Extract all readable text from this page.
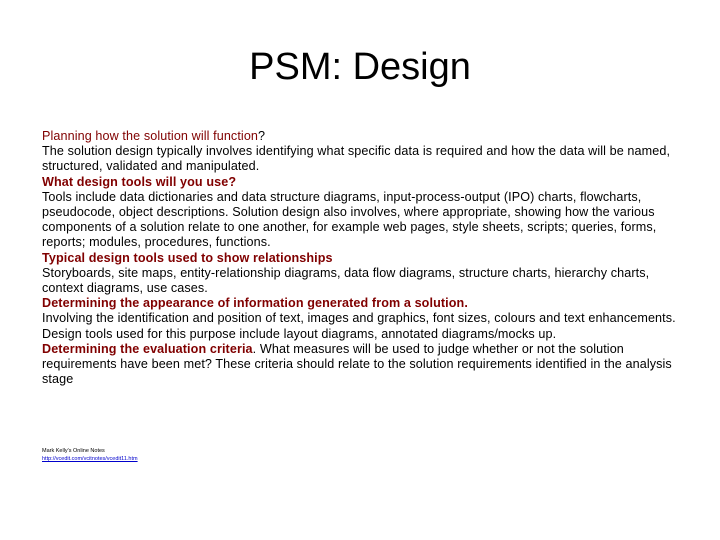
PSM: Design

Planning how the solution will function?

The solution design typically involves identifying what specific data is required and how the data will be named, structured, validated and manipulated.

What design tools will you use?

Tools include data dictionaries and data structure diagrams, input-process-output (IPO) charts, flowcharts, pseudocode, object descriptions. Solution design also involves, where appropriate, showing how the various components of a solution relate to one another, for example web pages, style sheets, scripts; queries, forms, reports; modules, procedures, functions.

Typical design tools used to show relationships

Storyboards, site maps, entity-relationship diagrams, data flow diagrams, structure charts, hierarchy charts, context diagrams, use cases.

Determining the appearance of information generated from a solution.

Involving the identification and position of text, images and graphics, font sizes, colours and text enhancements. Design tools used for this purpose include layout diagrams, annotated diagrams/mocks up.

Determining the evaluation criteria. What measures will be used to judge whether or not the solution requirements have been met? These criteria should relate to the solution requirements identified in the analysis stage

Mark Kelly's Online Notes
http://vcedit.com/vcitnotes/vcedit11.htm
